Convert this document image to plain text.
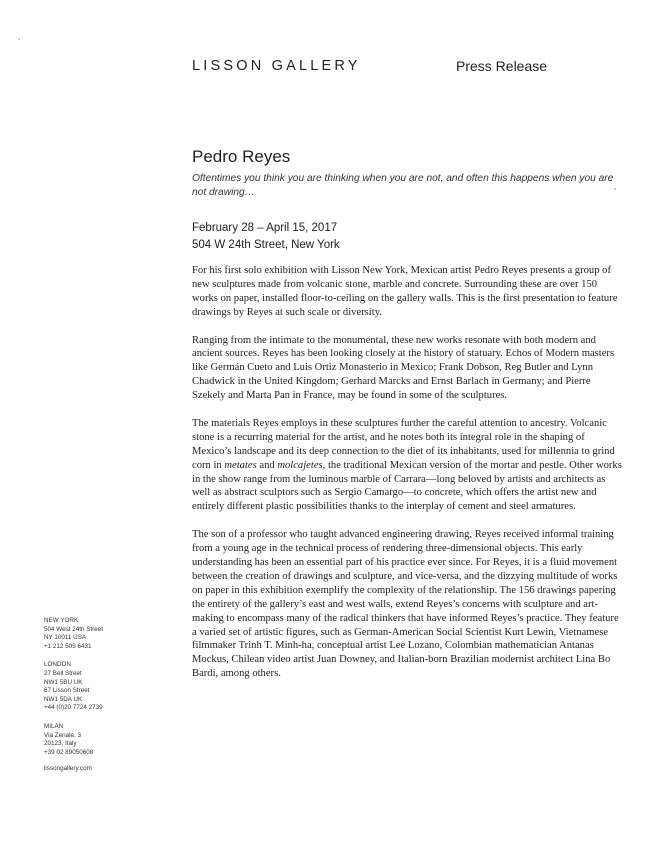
LISSON GALLERY	Press Release
Pedro Reyes
Oftentimes you think you are thinking when you are not, and often this happens when you are not drawing…
February 28 – April 15, 2017
504 W 24th Street, New York

For his first solo exhibition with Lisson New York, Mexican artist Pedro Reyes presents a group of new sculptures made from volcanic stone, marble and concrete. Surrounding these are over 150 works on paper, installed floor-to-ceiling on the gallery walls. This is the first presentation to feature drawings by Reyes at such scale or diversity.

Ranging from the intimate to the monumental, these new works resonate with both modern and ancient sources. Reyes has been looking closely at the history of statuary. Echos of Modern masters like Germán Cueto and Luis Ortiz Monasterio in Mexico; Frank Dobson, Reg Butler and Lynn Chadwick in the United Kingdom; Gerhard Marcks and Ernst Barlach in Germany; and Pierre Szekely and Marta Pan in France, may be found in some of the sculptures.

The materials Reyes employs in these sculptures further the careful attention to ancestry. Volcanic stone is a recurring material for the artist, and he notes both its integral role in the shaping of Mexico’s landscape and its deep connection to the diet of its inhabitants, used for millennia to grind corn in metates and molcajetes, the traditional Mexican version of the mortar and pestle. Other works in the show range from the luminous marble of Carrara—long beloved by artists and architects as well as abstract sculptors such as Sergio Camargo—to concrete, which offers the artist new and entirely different plastic possibilities thanks to the interplay of cement and steel armatures.

The son of a professor who taught advanced engineering drawing, Reyes received informal training from a young age in the technical process of rendering three-dimensional objects. This early understanding has been an essential part of his practice ever since. For Reyes, it is a fluid movement between the creation of drawings and sculpture, and vice-versa, and the dizzying multitude of works on paper in this exhibition exemplify the complexity of the relationship. The 156 drawings papering the entirety of the gallery’s east and west walls, extend Reyes’s concerns with sculpture and art-making to encompass many of the radical thinkers that have informed Reyes’s practice. They feature a varied set of artistic figures, such as German-American Social Scientist Kurt Lewin, Vietnamese filmmaker Trinh T. Minh-ha, conceptual artist Lee Lozano, Colombian mathematician Antanas Mockus, Chilean video artist Juan Downey, and Italian-born Brazilian modernist architect Lina Bo Bardi, among others.

NEW YORK
504 West 24th Street
NY 10011 USA
+1 212 505 6431
LONDON
27 Bell Street
NW1 5BU UK
67 Lisson Street
NW1 5DA UK
+44 (0)20 7724 2739
MILAN
Via Zenale, 3
20123, Italy
+39 02 89050608
lissongallery.com
